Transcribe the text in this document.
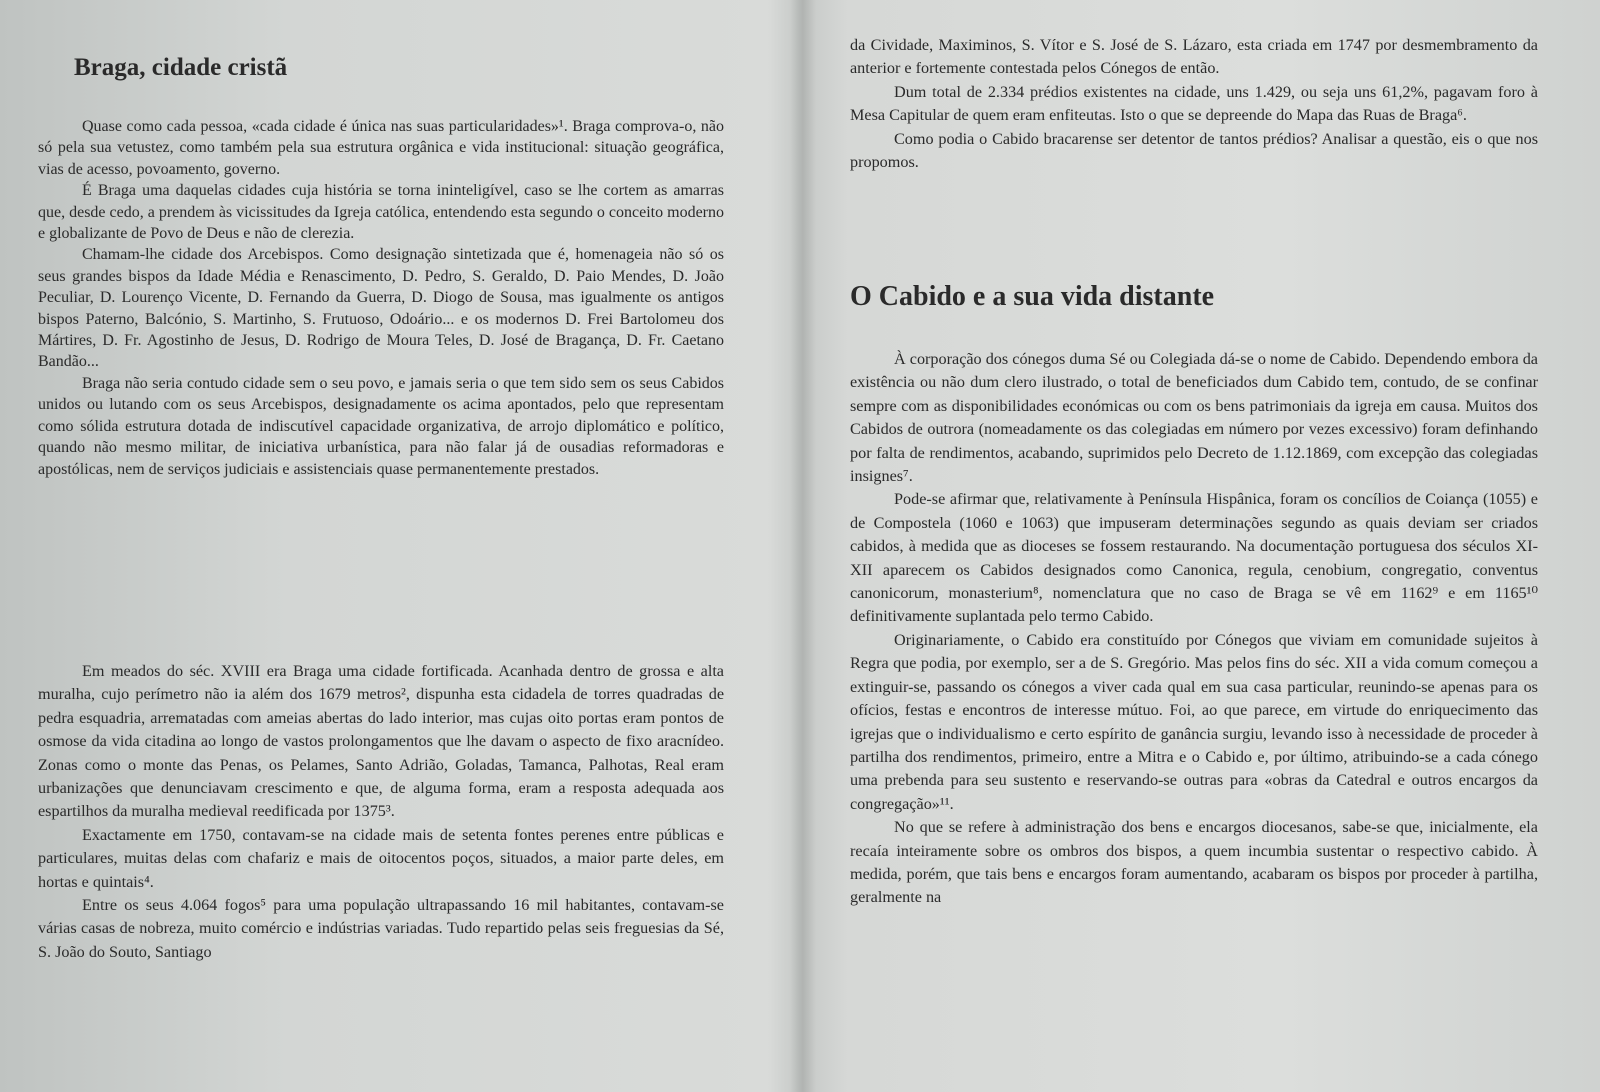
Braga, cidade cristã

Quase como cada pessoa, «cada cidade é única nas suas particularidades»¹. Braga comprova-o, não só pela sua vetustez, como também pela sua estrutura orgânica e vida institucional: situação geográfica, vias de acesso, povoamento, governo.

É Braga uma daquelas cidades cuja história se torna ininteligível, caso se lhe cortem as amarras que, desde cedo, a prendem às vicissitudes da Igreja católica, entendendo esta segundo o conceito moderno e globalizante de Povo de Deus e não de clerezia.

Chamam-lhe cidade dos Arcebispos. Como designação sintetizada que é, homenageia não só os seus grandes bispos da Idade Média e Renascimento, D. Pedro, S. Geraldo, D. Paio Mendes, D. João Peculiar, D. Lourenço Vicente, D. Fernando da Guerra, D. Diogo de Sousa, mas igualmente os antigos bispos Paterno, Balcónio, S. Martinho, S. Frutuoso, Odoário... e os modernos D. Frei Bartolomeu dos Mártires, D. Fr. Agostinho de Jesus, D. Rodrigo de Moura Teles, D. José de Bragança, D. Fr. Caetano Bandão...

Braga não seria contudo cidade sem o seu povo, e jamais seria o que tem sido sem os seus Cabidos unidos ou lutando com os seus Arcebispos, designadamente os acima apontados, pelo que representam como sólida estrutura dotada de indiscutível capacidade organizativa, de arrojo diplomático e político, quando não mesmo militar, de iniciativa urbanística, para não falar já de ousadias reformadoras e apostólicas, nem de serviços judiciais e assistenciais quase permanentemente prestados.

Em meados do séc. XVIII era Braga uma cidade fortificada. Acanhada dentro de grossa e alta muralha, cujo perímetro não ia além dos 1679 metros², dispunha esta cidadela de torres quadradas de pedra esquadria, arrematadas com ameias abertas do lado interior, mas cujas oito portas eram pontos de osmose da vida citadina ao longo de vastos prolongamentos que lhe davam o aspecto de fixo aracnídeo. Zonas como o monte das Penas, os Pelames, Santo Adrião, Goladas, Tamanca, Palhotas, Real eram urbanizações que denunciavam crescimento e que, de alguma forma, eram a resposta adequada aos espartilhos da muralha medieval reedificada por 1375³.

Exactamente em 1750, contavam-se na cidade mais de setenta fontes perenes entre públicas e particulares, muitas delas com chafariz e mais de oitocentos poços, situados, a maior parte deles, em hortas e quintais⁴.

Entre os seus 4.064 fogos⁵ para uma população ultrapassando 16 mil habitantes, contavam-se várias casas de nobreza, muito comércio e indústrias variadas. Tudo repartido pelas seis freguesias da Sé, S. João do Souto, Santiago

da Cividade, Maximinos, S. Vítor e S. José de S. Lázaro, esta criada em 1747 por desmembramento da anterior e fortemente contestada pelos Cónegos de então.

Dum total de 2.334 prédios existentes na cidade, uns 1.429, ou seja uns 61,2%, pagavam foro à Mesa Capitular de quem eram enfiteutas. Isto o que se depreende do Mapa das Ruas de Braga⁶.

Como podia o Cabido bracarense ser detentor de tantos prédios? Analisar a questão, eis o que nos propomos.

O Cabido e a sua vida distante

À corporação dos cónegos duma Sé ou Colegiada dá-se o nome de Cabido. Dependendo embora da existência ou não dum clero ilustrado, o total de beneficiados dum Cabido tem, contudo, de se confinar sempre com as disponibilidades económicas ou com os bens patrimoniais da igreja em causa. Muitos dos Cabidos de outrora (nomeadamente os das colegiadas em número por vezes excessivo) foram definhando por falta de rendimentos, acabando, suprimidos pelo Decreto de 1.12.1869, com excepção das colegiadas insignes⁷.

Pode-se afirmar que, relativamente à Península Hispânica, foram os concílios de Coiança (1055) e de Compostela (1060 e 1063) que impuseram determinações segundo as quais deviam ser criados cabidos, à medida que as dioceses se fossem restaurando. Na documentação portuguesa dos séculos XI-XII aparecem os Cabidos designados como Canonica, regula, cenobium, congregatio, conventus canonicorum, monasterium⁸, nomenclatura que no caso de Braga se vê em 1162⁹ e em 1165¹⁰ definitivamente suplantada pelo termo Cabido.

Originariamente, o Cabido era constituído por Cónegos que viviam em comunidade sujeitos à Regra que podia, por exemplo, ser a de S. Gregório. Mas pelos fins do séc. XII a vida comum começou a extinguir-se, passando os cónegos a viver cada qual em sua casa particular, reunindo-se apenas para os ofícios, festas e encontros de interesse mútuo. Foi, ao que parece, em virtude do enriquecimento das igrejas que o individualismo e certo espírito de ganância surgiu, levando isso à necessidade de proceder à partilha dos rendimentos, primeiro, entre a Mitra e o Cabido e, por último, atribuindo-se a cada cónego uma prebenda para seu sustento e reservando-se outras para «obras da Catedral e outros encargos da congregação»¹¹.

No que se refere à administração dos bens e encargos diocesanos, sabe-se que, inicialmente, ela recaía inteiramente sobre os ombros dos bispos, a quem incumbia sustentar o respectivo cabido. À medida, porém, que tais bens e encargos foram aumentando, acabaram os bispos por proceder à partilha, geralmente na
